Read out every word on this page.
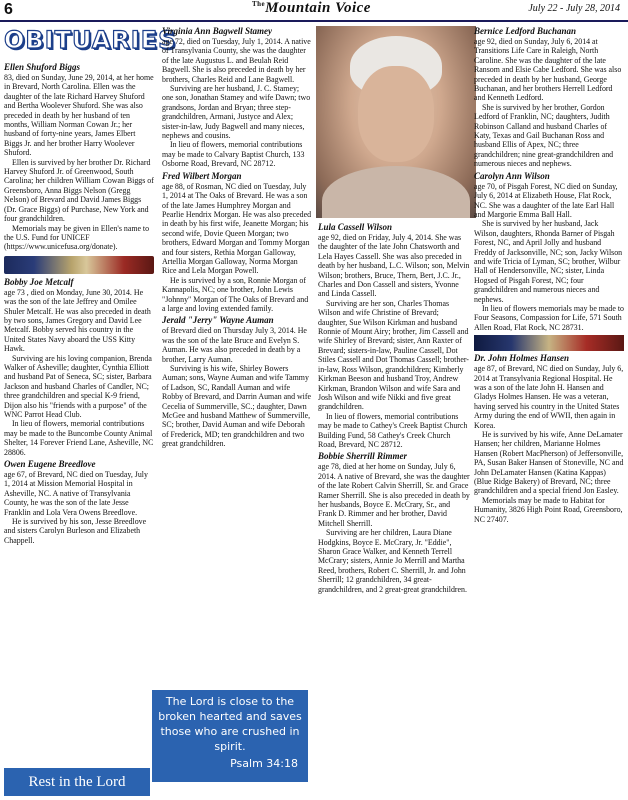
6	$^{The}$Mountain Voice	July 22 - July 28, 2014
OBITUARIES
Ellen Shuford Biggs

83, died on Sunday, June 29, 2014, at her home in Brevard, North Carolina. Ellen was the daughter of the late Richard Harvey Shuford and Bertha Woolever Shuford. She was also preceded in death by her husband of ten months, William Norman Cowan Jr.; her husband of forty-nine years, James Elbert Biggs Jr. and her brother Harry Woolever Shuford.

Ellen is survived by her brother Dr. Richard Harvey Shuford Jr. of Greenwood, South Carolina; her children William Cowan Biggs of Greensboro, Anna Biggs Nelson (Gregg Nelson) of Brevard and David James Biggs (Dr. Grace Biggs) of Purchase, New York and four grandchildren.

Memorials may be given in Ellen's name to the U.S. Fund for UNICEF (https://www.unicefusa.org/donate).

Bobby Joe Metcalf

age 73 , died on Monday, June 30, 2014. He was the son of the late Jeffrey and Omilee Shuler Metcalf. He was also preceded in death by two sons, James Gregory and David Lee Metcalf. Bobby served his country in the United States Navy aboard the USS Kitty Hawk.

Surviving are his loving companion, Brenda Walker of Asheville; daughter, Cynthia Elliott and husband Pat of Seneca, SC; sister, Barbara Jackson and husband Charles of Candler, NC; three grandchildren and special K-9 friend, Dijon also his "friends with a purpose" of the WNC Parrot Head Club.

In lieu of flowers, memorial contributions may be made to the Buncombe County Animal Shelter, 14 Forever Friend Lane, Asheville, NC 28806.

Owen Eugene Breedlove

age 67, of Brevard, NC died on Tuesday, July 1, 2014 at Mission Memorial Hospital in Asheville, NC. A native of Transylvania County, he was the son of the late Jesse Franklin and Lola Vera Owens Breedlove.

He is survived by his son, Jesse Breedlove and sisters Carolyn Burleson and Elizabeth Chappell.

Rest in the Lord
Virginia Ann Bagwell Stamey

age 72, died on Tuesday, July 1, 2014. A native of Transylvania County, she was the daughter of the late Augustus L. and Beulah Reid Bagwell. She is also preceded in death by her brothers, Charles Reid and Lane Bagwell.

Surviving are her husband, J. C. Stamey; one son, Jonathan Stamey and wife Dawn; two grandsons, Jordan and Bryan; three step-grandchildren, Armani, Justyce and Alex; sister-in-law, Judy Bagwell and many nieces, nephews and cousins.

In lieu of flowers, memorial contributions may be made to Calvary Baptist Church, 133 Osborne Road, Brevard, NC 28712.

Fred Wilbert Morgan

age 88, of Rosman, NC died on Tuesday, July 1, 2014 at The Oaks of Brevard. He was a son of the late James Humphrey Morgan and Pearlie Hendrix Morgan. He was also preceded in death by his first wife, Jeanette Morgan; his second wife, Dovie Queen Morgan; two brothers, Edward Morgan and Tommy Morgan and four sisters, Rethia Morgan Galloway, Artellia Morgan Galloway, Norma Morgan Rice and Lela Morgan Powell.

He is survived by a son, Ronnie Morgan of Kannapolis, NC; one brother, John Lewis "Johnny" Morgan of The Oaks of Brevard and a large and loving extended family.

Jerald "Jerry" Wayne Auman

of Brevard died on Thursday July 3, 2014. He was the son of the late Bruce and Evelyn S. Auman. He was also preceded in death by a brother, Larry Auman.

Surviving is his wife, Shirley Bowers Auman; sons, Wayne Auman and wife Tammy of Ladson, SC, Randall Auman and wife Robby of Brevard, and Darrin Auman and wife Cecelia of Summerville, SC.; daughter, Dawn McGee and husband Matthew of Summerville, SC; brother, David Auman and wife Deborah of Frederick, MD; ten grandchildren and two great grandchildren.

The Lord is close to the broken hearted and saves those who are crushed in spirit.
Psalm 34:18
Lula Cassell Wilson

age 92, died on Friday, July 4, 2014. She was the daughter of the late John Chatsworth and Lela Hayes Cassell. She was also preceded in death by her husband, L.C. Wilson; son, Melvin Wilson; brothers, Bruce, Thern, Bert, J.C. Jr., Charles and Don Cassell and sisters, Yvonne and Linda Cassell.

Surviving are her son, Charles Thomas Wilson and wife Christine of Brevard; daughter, Sue Wilson Kirkman and husband Ronnie of Mount Airy; brother, Jim Cassell and wife Shirley of Brevard; sister, Ann Raxter of Brevard; sisters-in-law, Pauline Cassell, Dot Stiles Cassell and Dot Thomas Cassell; brother-in-law, Ross Wilson, grandchildren; Kimberly Kirkman Beeson and husband Troy, Andrew Kirkman, Brandon Wilson and wife Sara and Josh Wilson and wife Nikki and five great grandchildren.

In lieu of flowers, memorial contributions may be made to Cathey's Creek Baptist Church Building Fund, 58 Cathey's Creek Church Road, Brevard, NC 28712.

Bobbie Sherrill Rimmer

age 78, died at her home on Sunday, July 6, 2014. A native of Brevard, she was the daughter of the late Robert Calvin Sherrill, Sr. and Grace Ramer Sherrill. She is also preceded in death by her husbands, Boyce E. McCrary, Sr., and Frank D. Rimmer and her brother, David Mitchell Sherrill.

Surviving are her children, Laura Diane Hodgkins, Boyce E. McCrary, Jr. "Eddie", Sharon Grace Walker, and Kenneth Terrell McCrary; sisters, Annie Jo Merrill and Martha Reed, brothers, Robert C. Sherrill, Jr. and John Sherrill; 12 grandchildren, 34 great-grandchildren, and 2 great-great grandchildren.

Bernice Ledford Buchanan

age 92, died on Sunday, July 6, 2014 at Transitions Life Care in Raleigh, North Caroline. She was the daughter of the late Ransom and Elsie Cabe Ledford. She was also preceded in death by her husband, George Buchanan, and her brothers Herrell Ledford and Kenneth Ledford.

She is survived by her brother, Gordon Ledford of Franklin, NC; daughters, Judith Robinson Calland and husband Charles of Katy, Texas and Gail Buchanan Ross and husband Ellis of Apex, NC; three grandchildren; nine great-grandchildren and numerous nieces and nephews.

Carolyn Ann Wilson

age 70, of Pisgah Forest, NC died on Sunday, July 6, 2014 at Elizabeth House, Flat Rock, NC. She was a daughter of the late Earl Hall and Margorie Emma Ball Hall.

She is survived by her husband, Jack Wilson, daughters, Rhonda Barner of Pisgah Forest, NC, and April Jolly and husband Freddy of Jacksonville, NC; son, Jacky Wilson and wife Tricia of Lyman, SC; brother, Wilbur Hall of Hendersonville, NC; sister, Linda Hogsed of Pisgah Forest, NC; four grandchildren and numerous nieces and nephews.

In lieu of flowers memorials may be made to Four Seasons, Compassion for Life, 571 South Allen Road, Flat Rock, NC 28731.

Dr. John Holmes Hansen

age 87, of Brevard, NC died on Sunday, July 6, 2014 at Transylvania Regional Hospital. He was a son of the late John H. Hansen and Gladys Holmes Hansen. He was a veteran, having served his country in the United States Army during the end of WWII, then again in Korea.

He is survived by his wife, Anne DeLamater Hansen; her children, Marianne Holmes Hansen (Robert MacPherson) of Jeffersonville, PA, Susan Baker Hansen of Stoneville, NC and John DeLamater Hansen (Katina Kappas) (Blue Ridge Bakery) of Brevard, NC; three grandchildren and a special friend Jon Easley.

Memorials may be made to Habitat for Humanity, 3826 High Point Road, Greensboro, NC 27407.
